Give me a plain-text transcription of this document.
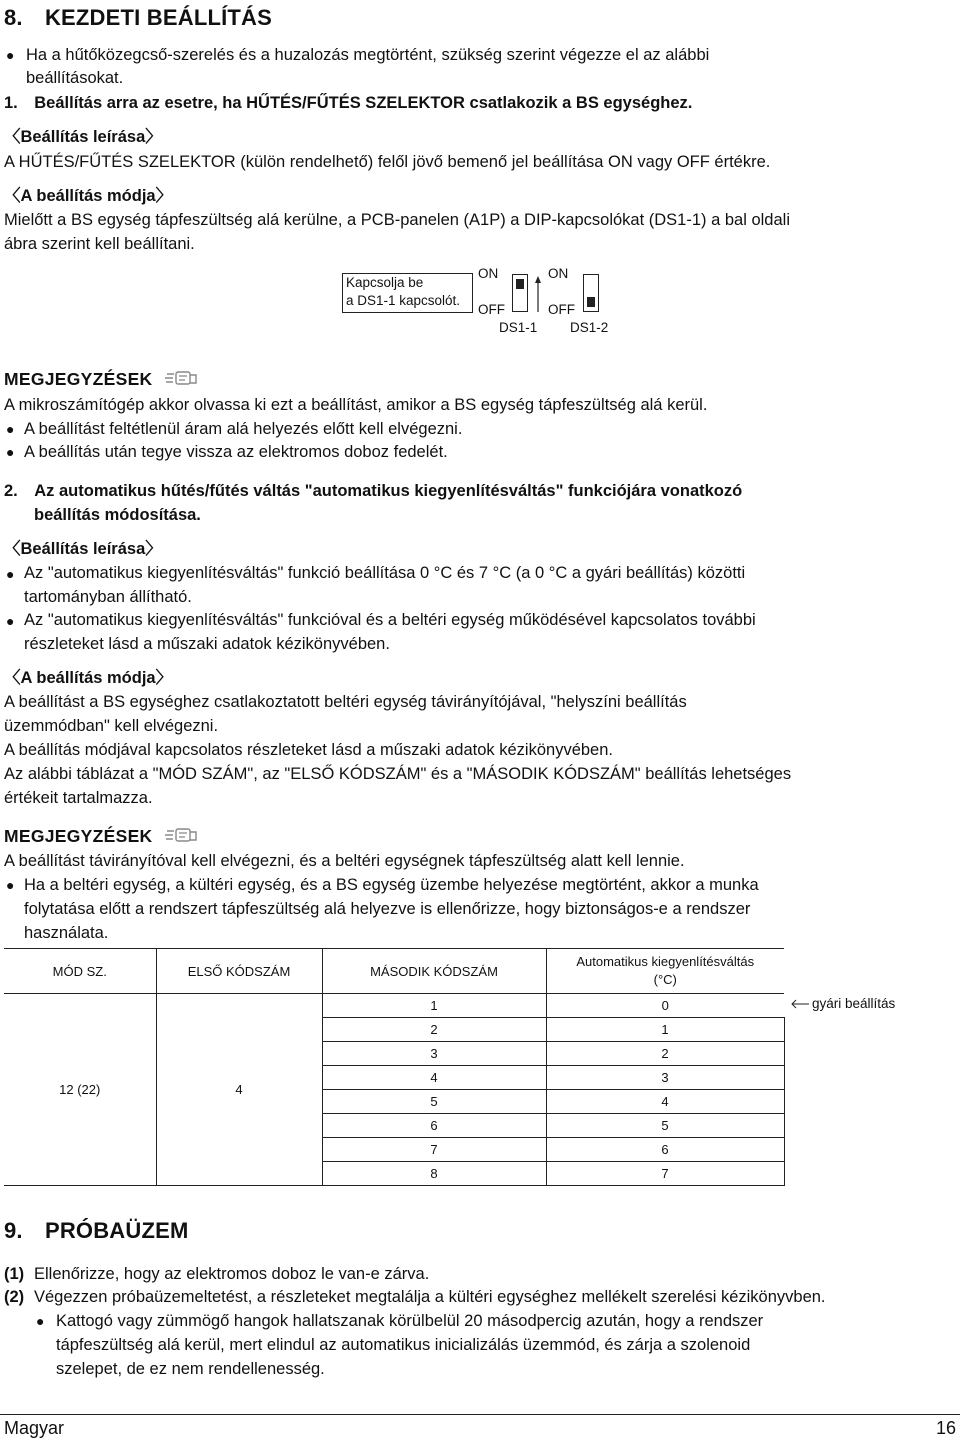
8. KEZDETI BEÁLLÍTÁS
● Ha a hűtőközegcső-szerelés és a huzalozás megtörtént, szükség szerint végezze el az alábbi
beállításokat.
1. Beállítás arra az esetre, ha HŰTÉS/FŰTÉS SZELEKTOR csatlakozik a BS egységhez.
〈Beállítás leírása〉
A HŰTÉS/FŰTÉS SZELEKTOR (külön rendelhető) felől jövő bemenő jel beállítása ON vagy OFF értékre.
〈A beállítás módja〉
Mielőtt a BS egység tápfeszültség alá kerülne, a PCB-panelen (A1P) a DIP-kapcsolókat (DS1-1) a bal oldali
ábra szerint kell beállítani.
Kapcsolja be
a DS1-1 kapcsolót.
ON
OFF
ON
OFF
DS1-1 DS1-2
MEGJEGYZÉSEK
A mikroszámítógép akkor olvassa ki ezt a beállítást, amikor a BS egység tápfeszültség alá kerül.
● A beállítást feltétlenül áram alá helyezés előtt kell elvégezni.
● A beállítás után tegye vissza az elektromos doboz fedelét.
2. Az automatikus hűtés/fűtés váltás "automatikus kiegyenlítésváltás" funkciójára vonatkozó
beállítás módosítása.
〈Beállítás leírása〉
● Az "automatikus kiegyenlítésváltás" funkció beállítása 0 °C és 7 °C (a 0 °C a gyári beállítás) közötti
tartományban állítható.
● Az "automatikus kiegyenlítésváltás" funkcióval és a beltéri egység működésével kapcsolatos további
részleteket lásd a műszaki adatok kézikönyvében.
〈A beállítás módja〉
A beállítást a BS egységhez csatlakoztatott beltéri egység távirányítójával, "helyszíni beállítás
üzemmódban" kell elvégezni.
A beállítás módjával kapcsolatos részleteket lásd a műszaki adatok kézikönyvében.
Az alábbi táblázat a "MÓD SZÁM", az "ELSŐ KÓDSZÁM" és a "MÁSODIK KÓDSZÁM" beállítás lehetséges
értékeit tartalmazza.
MEGJEGYZÉSEK
A beállítást távirányítóval kell elvégezni, és a beltéri egységnek tápfeszültség alatt kell lennie.
● Ha a beltéri egység, a kültéri egység, és a BS egység üzembe helyezése megtörtént, akkor a munka
folytatása előtt a rendszert tápfeszültség alá helyezve is ellenőrizze, hogy biztonságos-e a rendszer
használata.
MÓD SZ.	ELSŐ KÓDSZÁM	MÁSODIK KÓDSZÁM	Automatikus kiegyenlítésváltás
(°C)

12 (22)	4	1	0
		2	1
		3	2
		4	3
		5	4
		6	5
		7	6
		8	7
gyári beállítás
9. PRÓBAÜZEM
(1) Ellenőrizze, hogy az elektromos doboz le van-e zárva.
(2) Végezzen próbaüzemeltetést, a részleteket megtalálja a kültéri egységhez mellékelt szerelési kézikönyvben.
● Kattogó vagy zümmögő hangok hallatszanak körülbelül 20 másodpercig azután, hogy a rendszer
tápfeszültség alá kerül, mert elindul az automatikus inicializálás üzemmód, és zárja a szolenoid
szelepet, de ez nem rendellenesség.
Magyar	16
